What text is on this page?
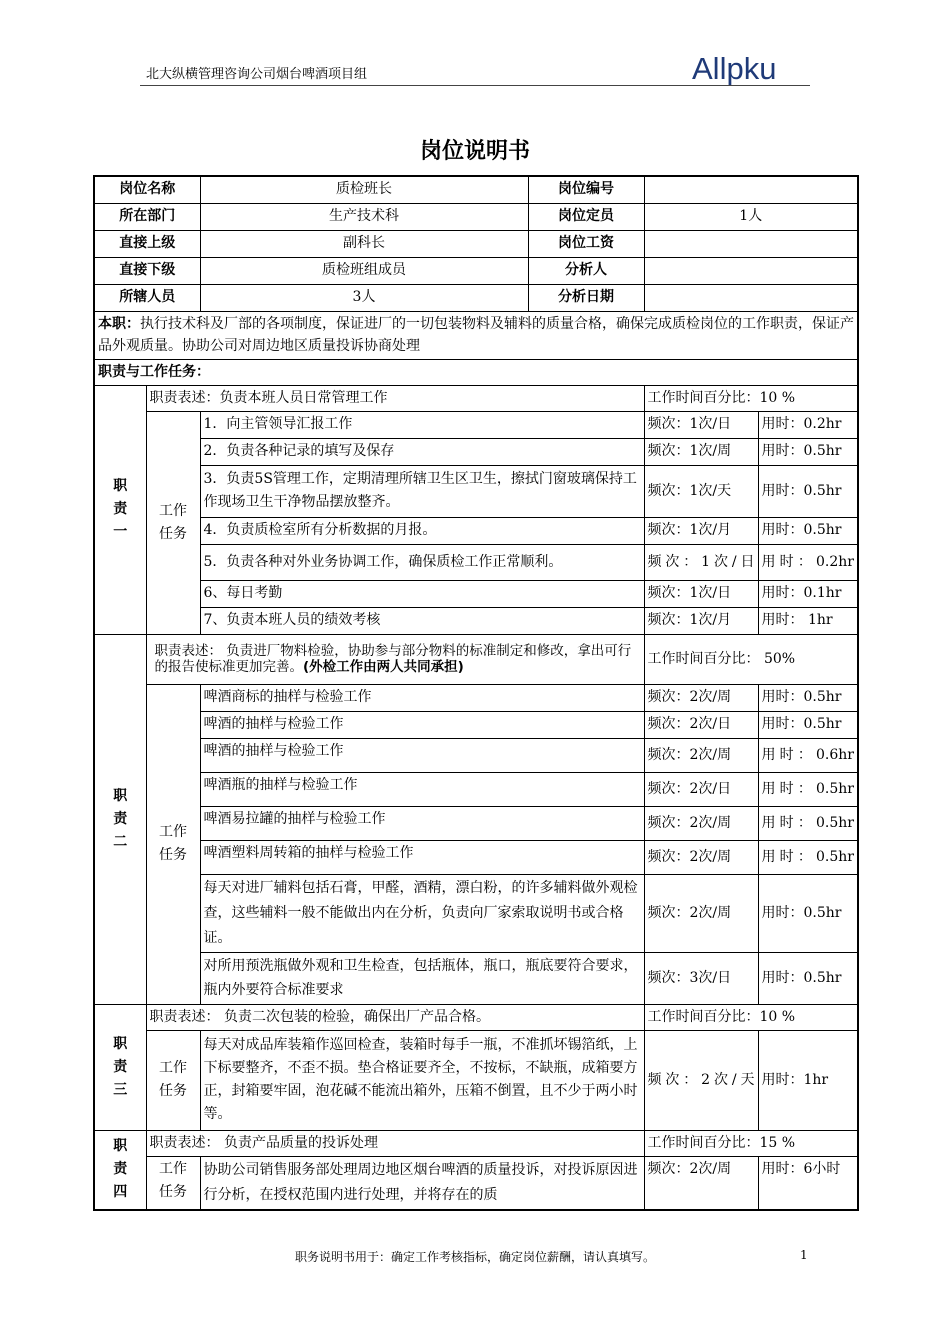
北大纵横管理咨询公司烟台啤酒项目组	Allpku
岗位说明书
岗位名称		质检班长	岗位编号		
所在部门		生产技术科	岗位定员	1人	
直接上级		副科长	岗位工资		
直接下级		质检班组成员	分析人		
所辖人员		3人	分析日期		
本职：执行技术科及厂部的各项制度，保证进厂的一切包装物料及辅料的质量合格，确保完成质检岗位的工作职责，保证产品外观质量。协助公司对周边地区质量投诉协商处理					
职责与工作任务：					

职责一	职责表述：负责本班人员日常管理工作			工作时间百分比：10 %	

	工作任务	1．向主管领导汇报工作		频次：1次/日	用时：0.2hr
		2．负责各种记录的填写及保存		频次：1次/周	用时：0.5hr
		3．负责5S管理工作，定期清理所辖卫生区卫生，擦拭门窗玻璃保持工作现场卫生干净物品摆放整齐。		频次：1次/天	用时：0.5hr
		4．负责质检室所有分析数据的月报。		频次：1次/月	用时：0.5hr
		5．负责各种对外业务协调工作，确保质检工作正常顺利。		频次：1次/日	用时：0.2hr
		6、每日考勤		频次：1次/日	用时：0.1hr
		7、负责本班人员的绩效考核		频次：1次/月	用时： 1hr

职责二	职责表述： 负责进厂物料检验，协助参与部分物料的标准制定和修改，拿出可行的报告使标准更加完善。(外检工作由两人共同承担)			工作时间百分比： 50%	

	工作任务	啤酒商标的抽样与检验工作		频次：2次/周	用时：0.5hr
		啤酒的抽样与检验工作		频次：2次/日	用时：0.5hr
		啤酒的抽样与检验工作		频次：2次/周	用时：0.6hr
		啤酒瓶的抽样与检验工作		频次：2次/日	用时：0.5hr
		啤酒易拉罐的抽样与检验工作		频次：2次/周	用时：0.5hr
		啤酒塑料周转箱的抽样与检验工作		频次：2次/周	用时：0.5hr
		每天对进厂辅料包括石膏，甲醛，酒精，漂白粉，的许多辅料做外观检查，这些辅料一般不能做出内在分析，负责向厂家索取说明书或合格证。		频次：2次/周	用时：0.5hr
		对所用预洗瓶做外观和卫生检查，包括瓶体，瓶口，瓶底要符合要求，瓶内外要符合标准要求		频次：3次/日	用时：0.5hr

职责三	职责表述： 负责二次包装的检验，确保出厂产品合格。			工作时间百分比：10 %	

	工作任务	每天对成品库装箱作巡回检查，装箱时每手一瓶，不准抓坏锡箔纸，上下标要整齐，不歪不损。垫合格证要齐全，不按标，不缺瓶，成箱要方正，封箱要牢固，泡花碱不能流出箱外，压箱不倒置，且不少于两小时等。		频次：2次/天	用时：1hr

职责四	职责表述： 负责产品质量的投诉处理			工作时间百分比：15 %	

	工作任务	协助公司销售服务部处理周边地区烟台啤酒的质量投诉，对投诉原因进行分析，在授权范围内进行处理，并将存在的质		频次：2次/周	用时：6小时
职务说明书用于：确定工作考核指标，确定岗位薪酬，请认真填写。	1
